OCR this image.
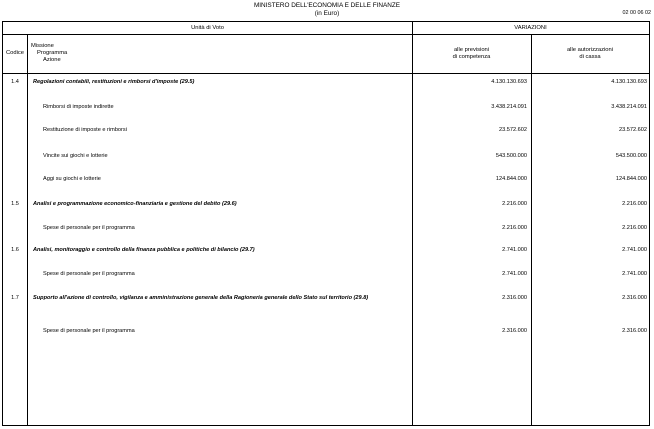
MINISTERO DELL'ECONOMIA E DELLE FINANZE
(in Euro)	02 00 06 02
Unità di Voto	VARIAZIONI
Codice
Missione
Programma
Azione
alle previsioni
di competenza
alle autorizzazioni
di cassa
1.4	Regolazioni contabili, restituzioni e rimborsi d'imposte (29.5)	4.130.130.693	4.130.130.693
Rimborsi di imposte indirette	3.438.214.091	3.438.214.091
Restituzione di imposte e rimborsi	23.572.602	23.572.602
Vincite sui giochi e lotterie	543.500.000	543.500.000
Aggi su giochi e lotterie	124.844.000	124.844.000
1.5	Analisi e programmazione economico-finanziaria e gestione del debito (29.6)	2.216.000	2.216.000
Spese di personale per il programma	2.216.000	2.216.000
1.6	Analisi, monitoraggio e controllo della finanza pubblica e politiche di bilancio (29.7)	2.741.000	2.741.000
Spese di personale per il programma	2.741.000	2.741.000
1.7	Supporto all'azione di controllo, vigilanza e amministrazione generale della Ragioneria generale dello Stato sul territorio (29.8)	2.316.000	2.316.000
Spese di personale per il programma	2.316.000	2.316.000
